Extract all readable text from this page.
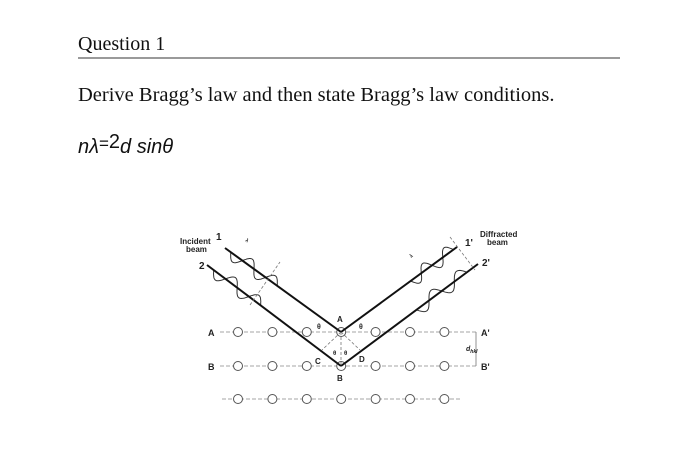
Question 1
Derive Bragg’s law and then state Bragg’s law conditions.
nλ=2d sinθ
Incident
beam
Diffracted
beam
1
2
1'
2'
A
B
A'
B'
A
B
C	D
θ	θ
θ θ
$d_{hkl}$
λ
λ
